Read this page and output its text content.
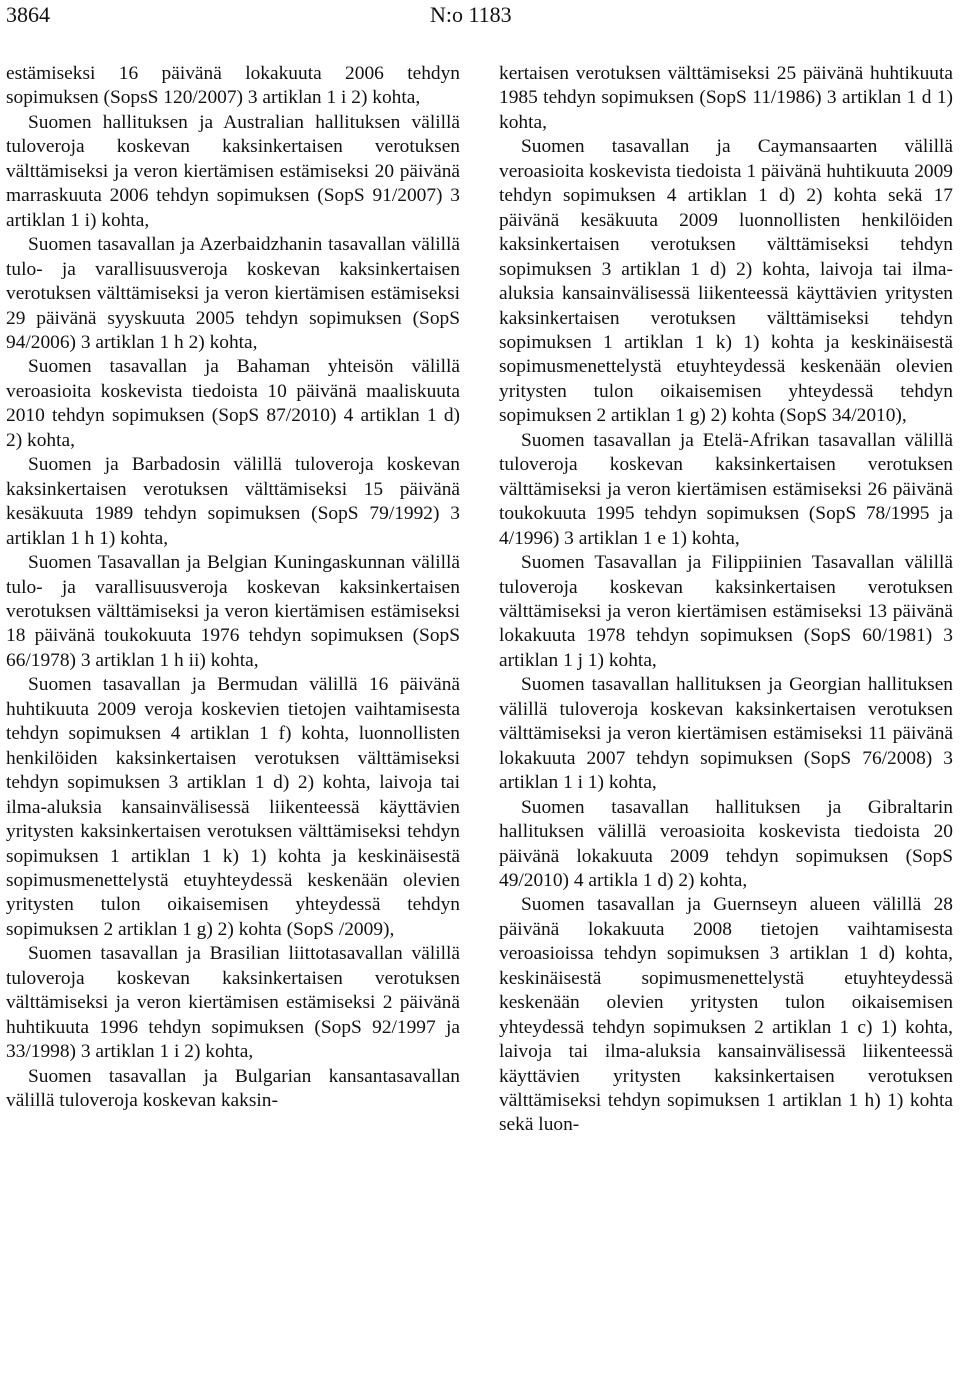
3864	N:o 1183

estämiseksi 16 päivänä lokakuuta 2006 tehdyn sopimuksen (SopsS 120/2007) 3 artiklan 1 i 2) kohta,

Suomen hallituksen ja Australian hallituksen välillä tuloveroja koskevan kaksinkertaisen verotuksen välttämiseksi ja veron kiertämisen estämiseksi 20 päivänä marraskuuta 2006 tehdyn sopimuksen (SopS 91/2007) 3 artiklan 1 i) kohta,

Suomen tasavallan ja Azerbaidzhanin tasavallan välillä tulo- ja varallisuusveroja koskevan kaksinkertaisen verotuksen välttämiseksi ja veron kiertämisen estämiseksi 29 päivänä syyskuuta 2005 tehdyn sopimuksen (SopS 94/2006) 3 artiklan 1 h 2) kohta,

Suomen tasavallan ja Bahaman yhteisön välillä veroasioita koskevista tiedoista 10 päivänä maaliskuuta 2010 tehdyn sopimuksen (SopS 87/2010) 4 artiklan 1 d) 2) kohta,

Suomen ja Barbadosin välillä tuloveroja koskevan kaksinkertaisen verotuksen välttämiseksi 15 päivänä kesäkuuta 1989 tehdyn sopimuksen (SopS 79/1992) 3 artiklan 1 h 1) kohta,

Suomen Tasavallan ja Belgian Kuningaskunnan välillä tulo- ja varallisuusveroja koskevan kaksinkertaisen verotuksen välttämiseksi ja veron kiertämisen estämiseksi 18 päivänä toukokuuta 1976 tehdyn sopimuksen (SopS 66/1978) 3 artiklan 1 h ii) kohta,

Suomen tasavallan ja Bermudan välillä 16 päivänä huhtikuuta 2009 veroja koskevien tietojen vaihtamisesta tehdyn sopimuksen 4 artiklan 1 f) kohta, luonnollisten henkilöiden kaksinkertaisen verotuksen välttämiseksi tehdyn sopimuksen 3 artiklan 1 d) 2) kohta, laivoja tai ilma-aluksia kansainvälisessä liikenteessä käyttävien yritysten kaksinkertaisen verotuksen välttämiseksi tehdyn sopimuksen 1 artiklan 1 k) 1) kohta ja keskinäisestä sopimusmenettelystä etuyhteydessä keskenään olevien yritysten tulon oikaisemisen yhteydessä tehdyn sopimuksen 2 artiklan 1 g) 2) kohta (SopS /2009),

Suomen tasavallan ja Brasilian liittotasavallan välillä tuloveroja koskevan kaksinkertaisen verotuksen välttämiseksi ja veron kiertämisen estämiseksi 2 päivänä huhtikuuta 1996 tehdyn sopimuksen (SopS 92/1997 ja 33/1998) 3 artiklan 1 i 2) kohta,

Suomen tasavallan ja Bulgarian kansantasavallan välillä tuloveroja koskevan kaksin-

kertaisen verotuksen välttämiseksi 25 päivänä huhtikuuta 1985 tehdyn sopimuksen (SopS 11/1986) 3 artiklan 1 d 1) kohta,

Suomen tasavallan ja Caymansaarten välillä veroasioita koskevista tiedoista 1 päivänä huhtikuuta 2009 tehdyn sopimuksen 4 artiklan 1 d) 2) kohta sekä 17 päivänä kesäkuuta 2009 luonnollisten henkilöiden kaksinkertaisen verotuksen välttämiseksi tehdyn sopimuksen 3 artiklan 1 d) 2) kohta, laivoja tai ilma-aluksia kansainvälisessä liikenteessä käyttävien yritysten kaksinkertaisen verotuksen välttämiseksi tehdyn sopimuksen 1 artiklan 1 k) 1) kohta ja keskinäisestä sopimusmenettelystä etuyhteydessä keskenään olevien yritysten tulon oikaisemisen yhteydessä tehdyn sopimuksen 2 artiklan 1 g) 2) kohta (SopS 34/2010),

Suomen tasavallan ja Etelä-Afrikan tasavallan välillä tuloveroja koskevan kaksinkertaisen verotuksen välttämiseksi ja veron kiertämisen estämiseksi 26 päivänä toukokuuta 1995 tehdyn sopimuksen (SopS 78/1995 ja 4/1996) 3 artiklan 1 e 1) kohta,

Suomen Tasavallan ja Filippiinien Tasavallan välillä tuloveroja koskevan kaksinkertaisen verotuksen välttämiseksi ja veron kiertämisen estämiseksi 13 päivänä lokakuuta 1978 tehdyn sopimuksen (SopS 60/1981) 3 artiklan 1 j 1) kohta,

Suomen tasavallan hallituksen ja Georgian hallituksen välillä tuloveroja koskevan kaksinkertaisen verotuksen välttämiseksi ja veron kiertämisen estämiseksi 11 päivänä lokakuuta 2007 tehdyn sopimuksen (SopS 76/2008) 3 artiklan 1 i 1) kohta,

Suomen tasavallan hallituksen ja Gibraltarin hallituksen välillä veroasioita koskevista tiedoista 20 päivänä lokakuuta 2009 tehdyn sopimuksen (SopS 49/2010) 4 artikla 1 d) 2) kohta,

Suomen tasavallan ja Guernseyn alueen välillä 28 päivänä lokakuuta 2008 tietojen vaihtamisesta veroasioissa tehdyn sopimuksen 3 artiklan 1 d) kohta, keskinäisestä sopimusmenettelystä etuyhteydessä keskenään olevien yritysten tulon oikaisemisen yhteydessä tehdyn sopimuksen 2 artiklan 1 c) 1) kohta, laivoja tai ilma-aluksia kansainvälisessä liikenteessä käyttävien yritysten kaksinkertaisen verotuksen välttämiseksi tehdyn sopimuksen 1 artiklan 1 h) 1) kohta sekä luon-
